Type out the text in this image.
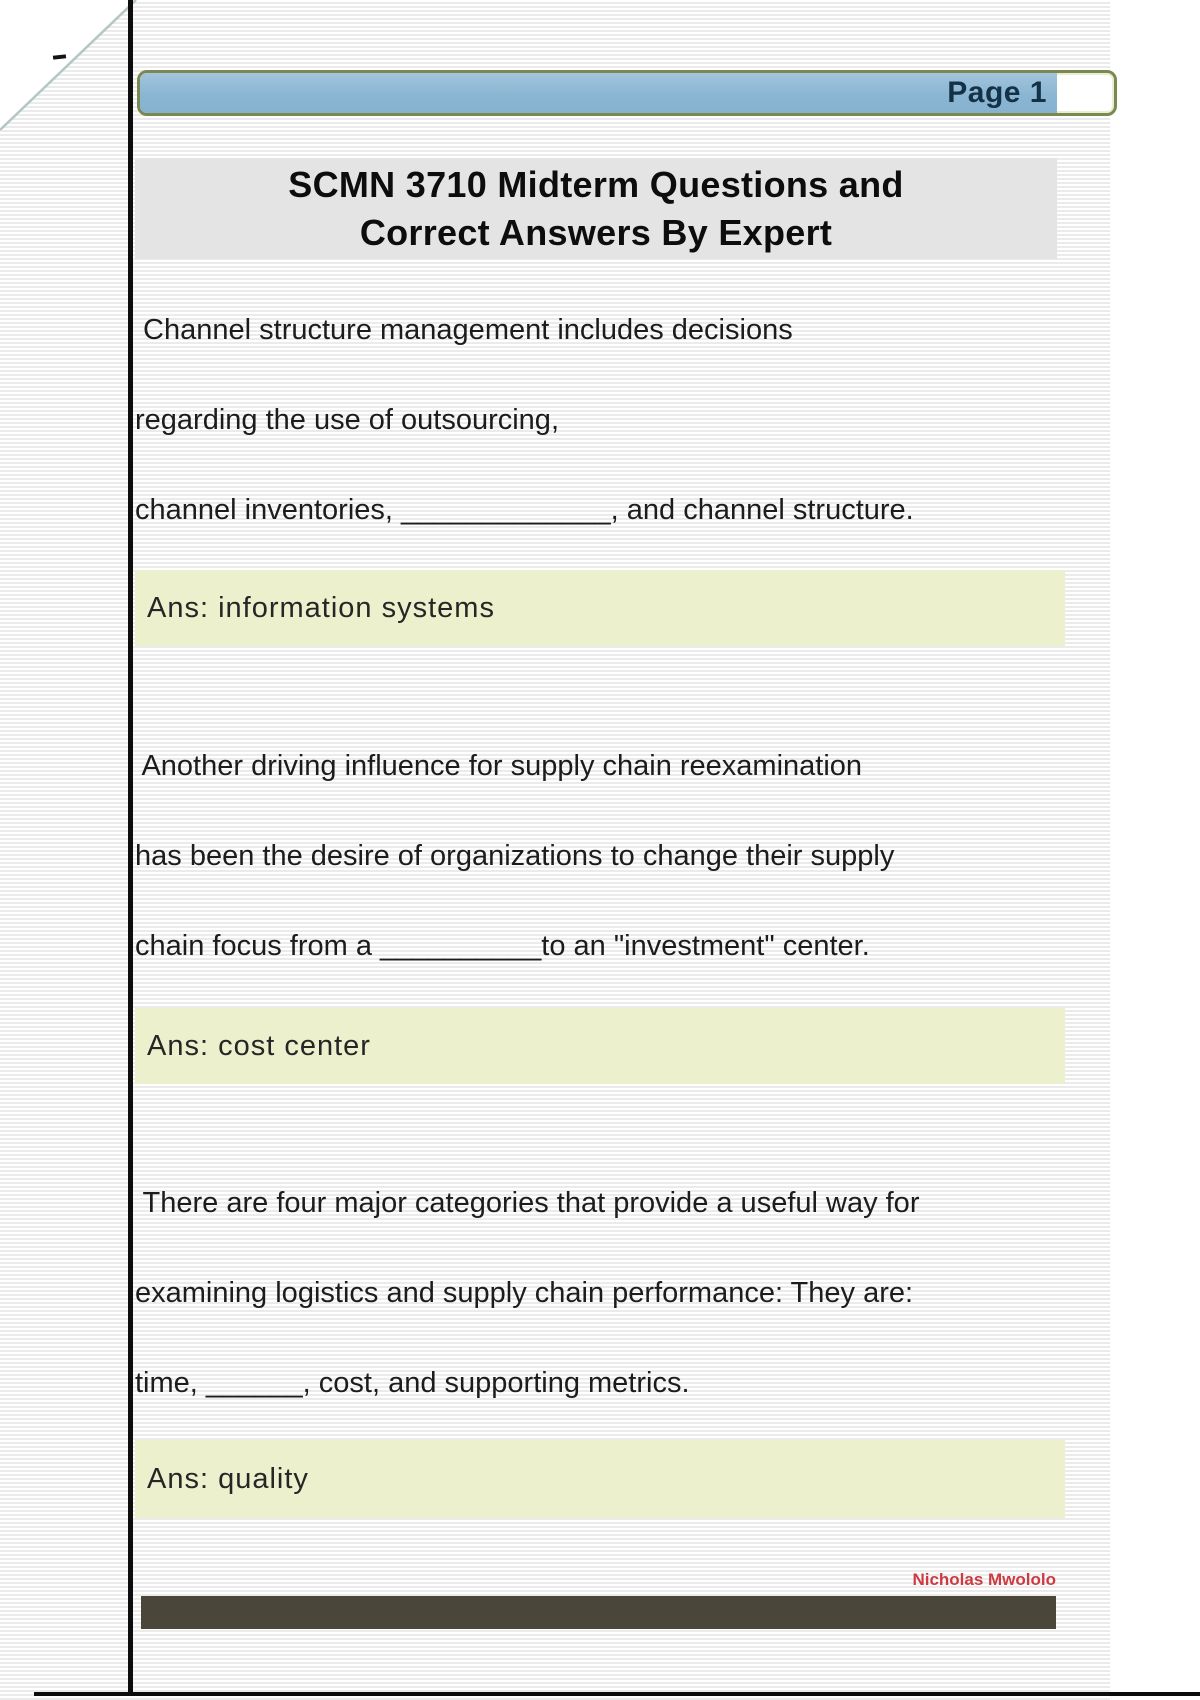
Page 1
SCMN 3710 Midterm Questions and
Correct Answers By Expert
Channel structure management includes decisions
regarding the use of outsourcing,
channel inventories, _____________, and channel structure.
Ans: information systems
Another driving influence for supply chain reexamination
has been the desire of organizations to change their supply
chain focus from a __________to an "investment" center.
Ans: cost center
There are four major categories that provide a useful way for
examining logistics and supply chain performance: They are:
time, ______, cost, and supporting metrics.
Ans: quality
Nicholas Mwololo
